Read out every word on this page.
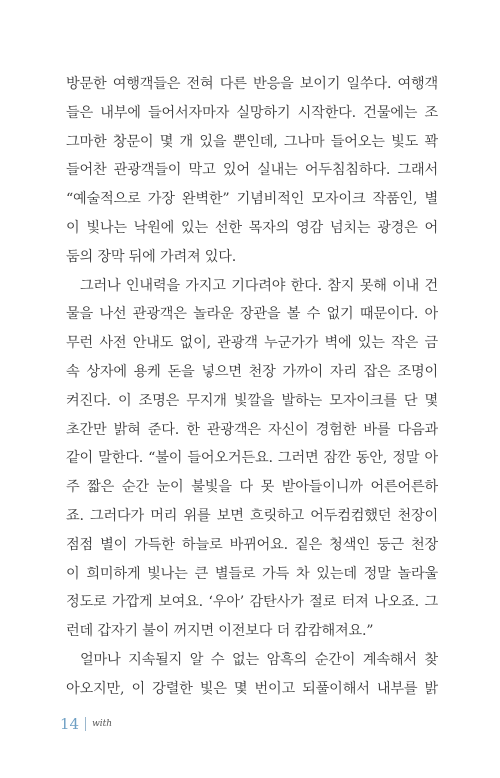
방문한 여행객들은 전혀 다른 반응을 보이기 일쑤다. 여행객
들은 내부에 들어서자마자 실망하기 시작한다. 건물에는 조
그마한 창문이 몇 개 있을 뿐인데, 그나마 들어오는 빛도 꽉
들어찬 관광객들이 막고 있어 실내는 어두침침하다. 그래서
“예술적으로 가장 완벽한” 기념비적인 모자이크 작품인, 별
이 빛나는 낙원에 있는 선한 목자의 영감 넘치는 광경은 어
둠의 장막 뒤에 가려져 있다.
그러나 인내력을 가지고 기다려야 한다. 참지 못해 이내 건
물을 나선 관광객은 놀라운 장관을 볼 수 없기 때문이다. 아
무런 사전 안내도 없이, 관광객 누군가가 벽에 있는 작은 금
속 상자에 용케 돈을 넣으면 천장 가까이 자리 잡은 조명이
켜진다. 이 조명은 무지개 빛깔을 발하는 모자이크를 단 몇
초간만 밝혀 준다. 한 관광객은 자신이 경험한 바를 다음과
같이 말한다. “불이 들어오거든요. 그러면 잠깐 동안, 정말 아
주 짧은 순간 눈이 불빛을 다 못 받아들이니까 어른어른하
죠. 그러다가 머리 위를 보면 흐릿하고 어두컴컴했던 천장이
점점 별이 가득한 하늘로 바뀌어요. 짙은 청색인 둥근 천장
이 희미하게 빛나는 큰 별들로 가득 차 있는데 정말 놀라울
정도로 가깝게 보여요. ‘우아’ 감탄사가 절로 터져 나오죠. 그
런데 갑자기 불이 꺼지면 이전보다 더 캄캄해져요.”
얼마나 지속될지 알 수 없는 암흑의 순간이 계속해서 찾
아오지만, 이 강렬한 빛은 몇 번이고 되풀이해서 내부를 밝
14 with
